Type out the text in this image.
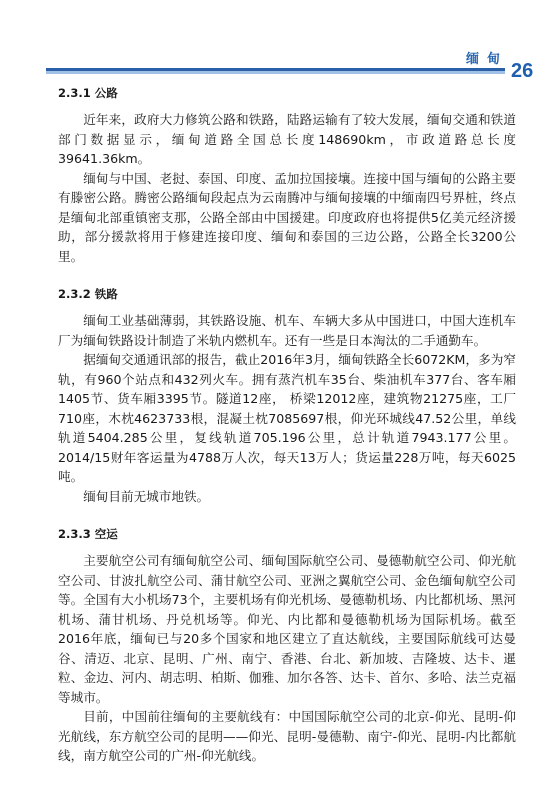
缅甸
26
2.3.1 公路

近年来，政府大力修筑公路和铁路，陆路运输有了较大发展，缅甸交通和铁道部门数据显示，缅甸道路全国总长度148690km，市政道路总长度39641.36km。

缅甸与中国、老挝、泰国、印度、孟加拉国接壤。连接中国与缅甸的公路主要有滕密公路。腾密公路缅甸段起点为云南腾冲与缅甸接壤的中缅南四号界桩，终点是缅甸北部重镇密支那，公路全部由中国援建。印度政府也将提供5亿美元经济援助，部分援款将用于修建连接印度、缅甸和泰国的三边公路，公路全长3200公里。

2.3.2 铁路

缅甸工业基础薄弱，其铁路设施、机车、车辆大多从中国进口，中国大连机车厂为缅甸铁路设计制造了米轨内燃机车。还有一些是日本淘汰的二手通勤车。

据缅甸交通通讯部的报告，截止2016年3月，缅甸铁路全长6072KM，多为窄轨，有960个站点和432列火车。拥有蒸汽机车35台、柴油机车377台、客车厢1405节、货车厢3395节。隧道12座， 桥梁12012座，建筑物21275座，工厂710座，木枕4623733根，混凝土枕7085697根，仰光环城线47.52公里，单线轨道5404.285公里，复线轨道705.196公里，总计轨道7943.177公里。2014/15财年客运量为4788万人次，每天13万人；货运量228万吨，每天6025吨。

缅甸目前无城市地铁。

2.3.3 空运

主要航空公司有缅甸航空公司、缅甸国际航空公司、曼德勒航空公司、仰光航空公司、甘波扎航空公司、蒲甘航空公司、亚洲之翼航空公司、金色缅甸航空公司等。全国有大小机场73个，主要机场有仰光机场、曼德勒机场、内比都机场、黑河机场、蒲甘机场、丹兑机场等。仰光、内比都和曼德勒机场为国际机场。截至2016年底，缅甸已与20多个国家和地区建立了直达航线，主要国际航线可达曼谷、清迈、北京、昆明、广州、南宁、香港、台北、新加坡、吉隆坡、达卡、暹粒、金边、河内、胡志明、柏斯、伽雅、加尔各答、达卡、首尔、多哈、法兰克福等城市。

目前，中国前往缅甸的主要航线有：中国国际航空公司的北京-仰光、昆明-仰光航线，东方航空公司的昆明——仰光、昆明-曼德勒、南宁-仰光、昆明-内比都航线，南方航空公司的广州-仰光航线。
